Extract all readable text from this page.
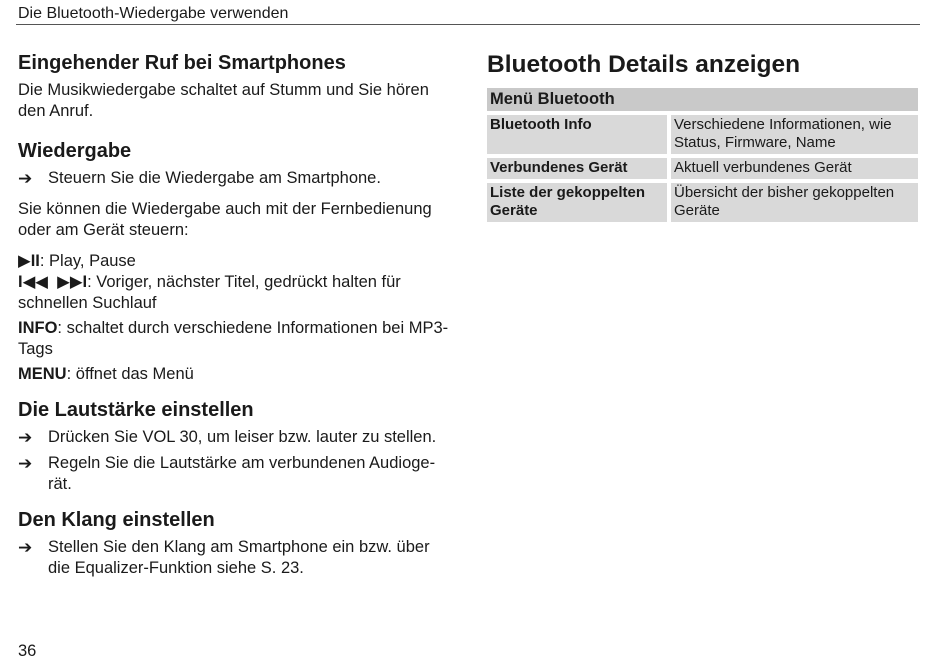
Die Bluetooth-Wiedergabe verwenden
Eingehender Ruf bei Smartphones

Die Musikwiedergabe schaltet auf Stumm und Sie hören den Anruf.

Wiedergabe
➔ Steuern Sie die Wiedergabe am Smartphone.

Sie können die Wiedergabe auch mit der Fernbedienung oder am Gerät steuern:

▶II: Play, Pause

I◀◀  ▶▶I: Voriger, nächster Titel, gedrückt halten für schnellen Suchlauf

INFO: schaltet durch verschiedene Informationen bei MP3-Tags

MENU: öffnet das Menü

Die Lautstärke einstellen
➔ Drücken Sie VOL 30, um leiser bzw. lauter zu stellen.
➔ Regeln Sie die Lautstärke am verbundenen Audioge-rät.
Den Klang einstellen
➔ Stellen Sie den Klang am Smartphone ein bzw. über die Equalizer-Funktion siehe S. 23.
Bluetooth Details anzeigen
Menü Bluetooth	
Bluetooth Info	Verschiedene Informationen, wie Status, Firmware, Name
Verbundenes Gerät	Aktuell verbundenes Gerät
Liste der gekoppelten Geräte	Übersicht der bisher gekoppelten Geräte
36
